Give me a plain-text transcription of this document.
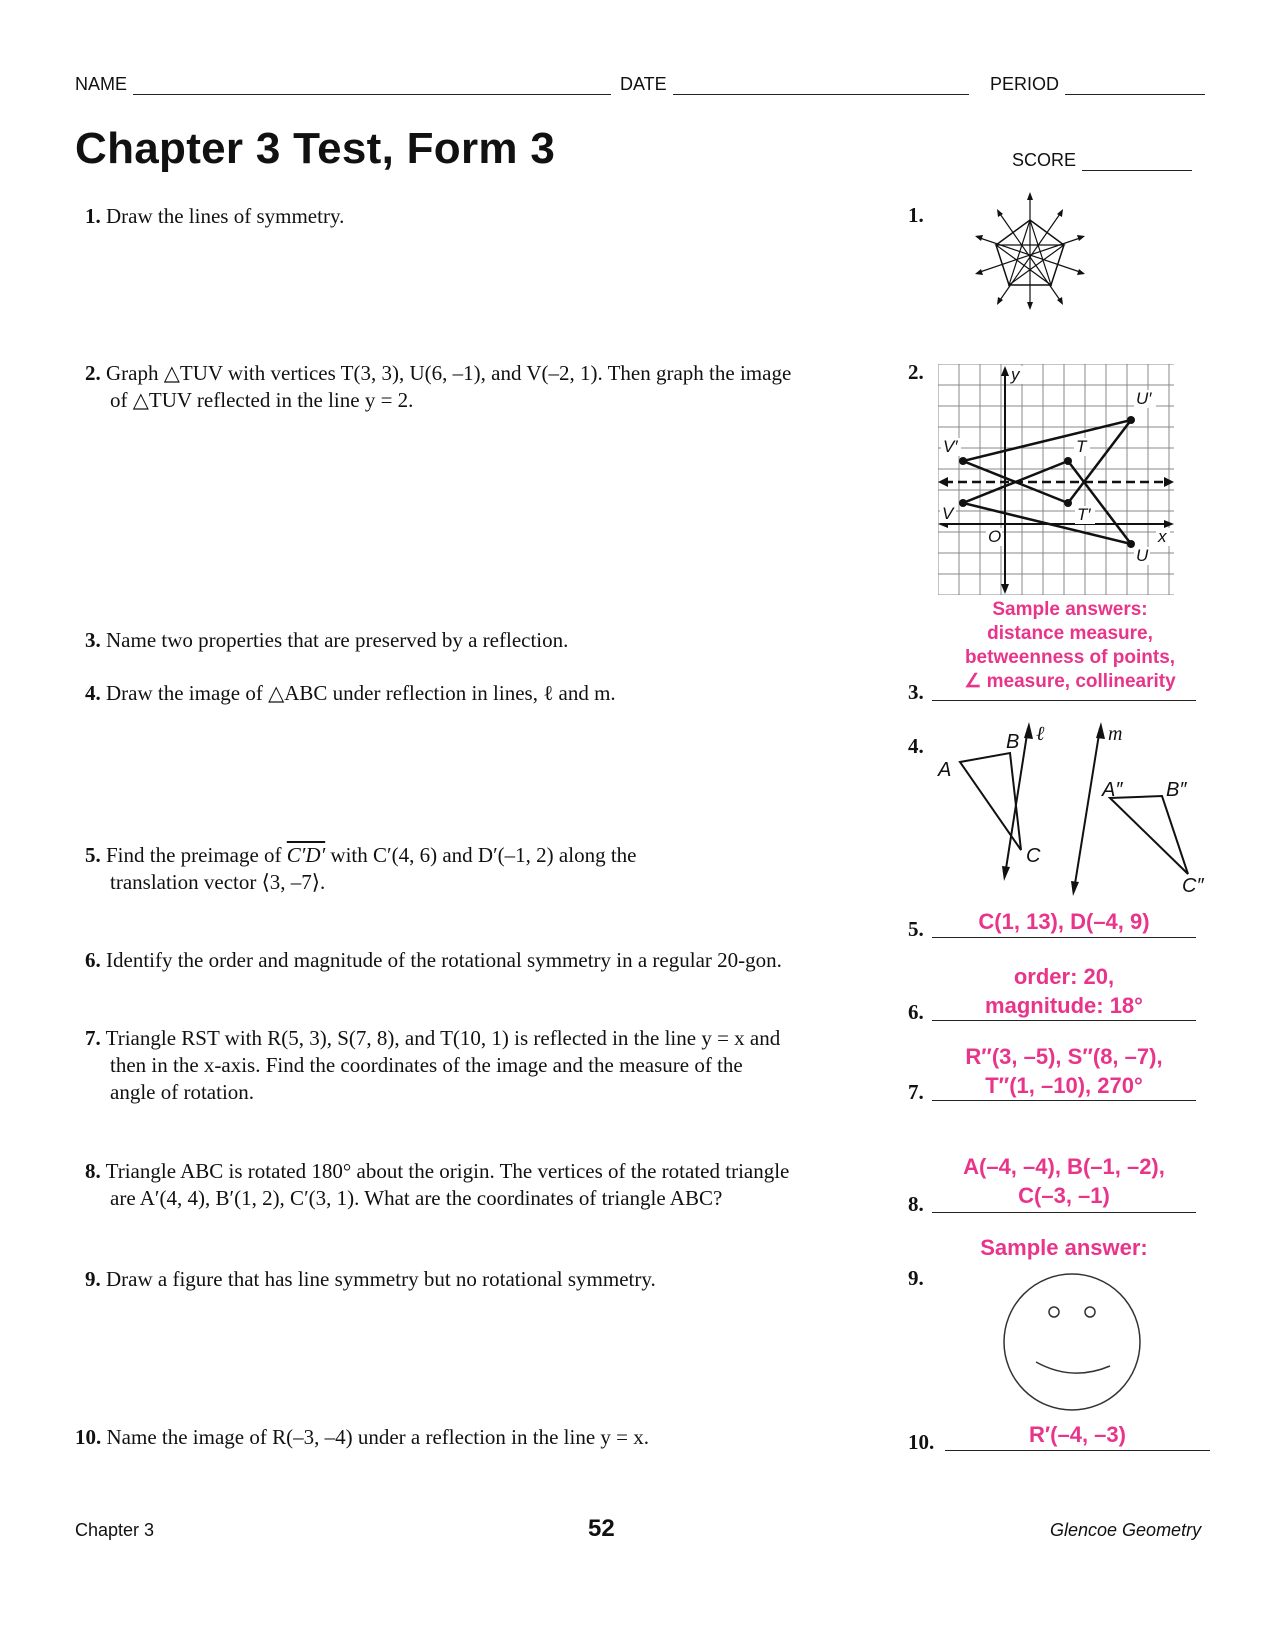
NAME	DATE	PERIOD
Chapter 3 Test, Form 3	SCORE
1. Draw the lines of symmetry.	1.
2. Graph △TUV with vertices T(3, 3), U(6, –1), and V(–2, 1). Then graph the image
of △TUV reflected in the line y = 2.
2.	y
x
O
T
U
V	T′
U′
V′
Sample answers:
distance measure,
betweenness of points,
∠ measure, collinearity
3. Name two properties that are preserved by a reflection.
3.
4. Draw the image of △ABC under reflection in lines, ℓ and m.
4.
A
B
C
ℓ	m
A″ B″
C″
5. Find the preimage of C′D′ with C′(4, 6) and D′(–1, 2) along the
translation vector ⟨3, –7⟩.
5.	C(1, 13), D(–4, 9)
6. Identify the order and magnitude of the rotational symmetry in a regular 20-gon.
6.
order: 20,
magnitude: 18°
7. Triangle RST with R(5, 3), S(7, 8), and T(10, 1) is reflected in the line y = x and
then in the x-axis. Find the coordinates of the image and the measure of the
angle of rotation.	7.
R″(3, –5), S″(8, –7),
T″(1, –10), 270°
8. Triangle ABC is rotated 180° about the origin. The vertices of the rotated triangle
are A′(4, 4), B′(1, 2), C′(3, 1). What are the coordinates of triangle ABC?	8.
A(–4, –4), B(–1, –2),
C(–3, –1)
Sample answer:
9. Draw a figure that has line symmetry but no rotational symmetry.	9.
10. Name the image of R(–3, –4) under a reflection in the line y = x.	10.	R′(–4, –3)
Chapter 3	52	Glencoe Geometry
